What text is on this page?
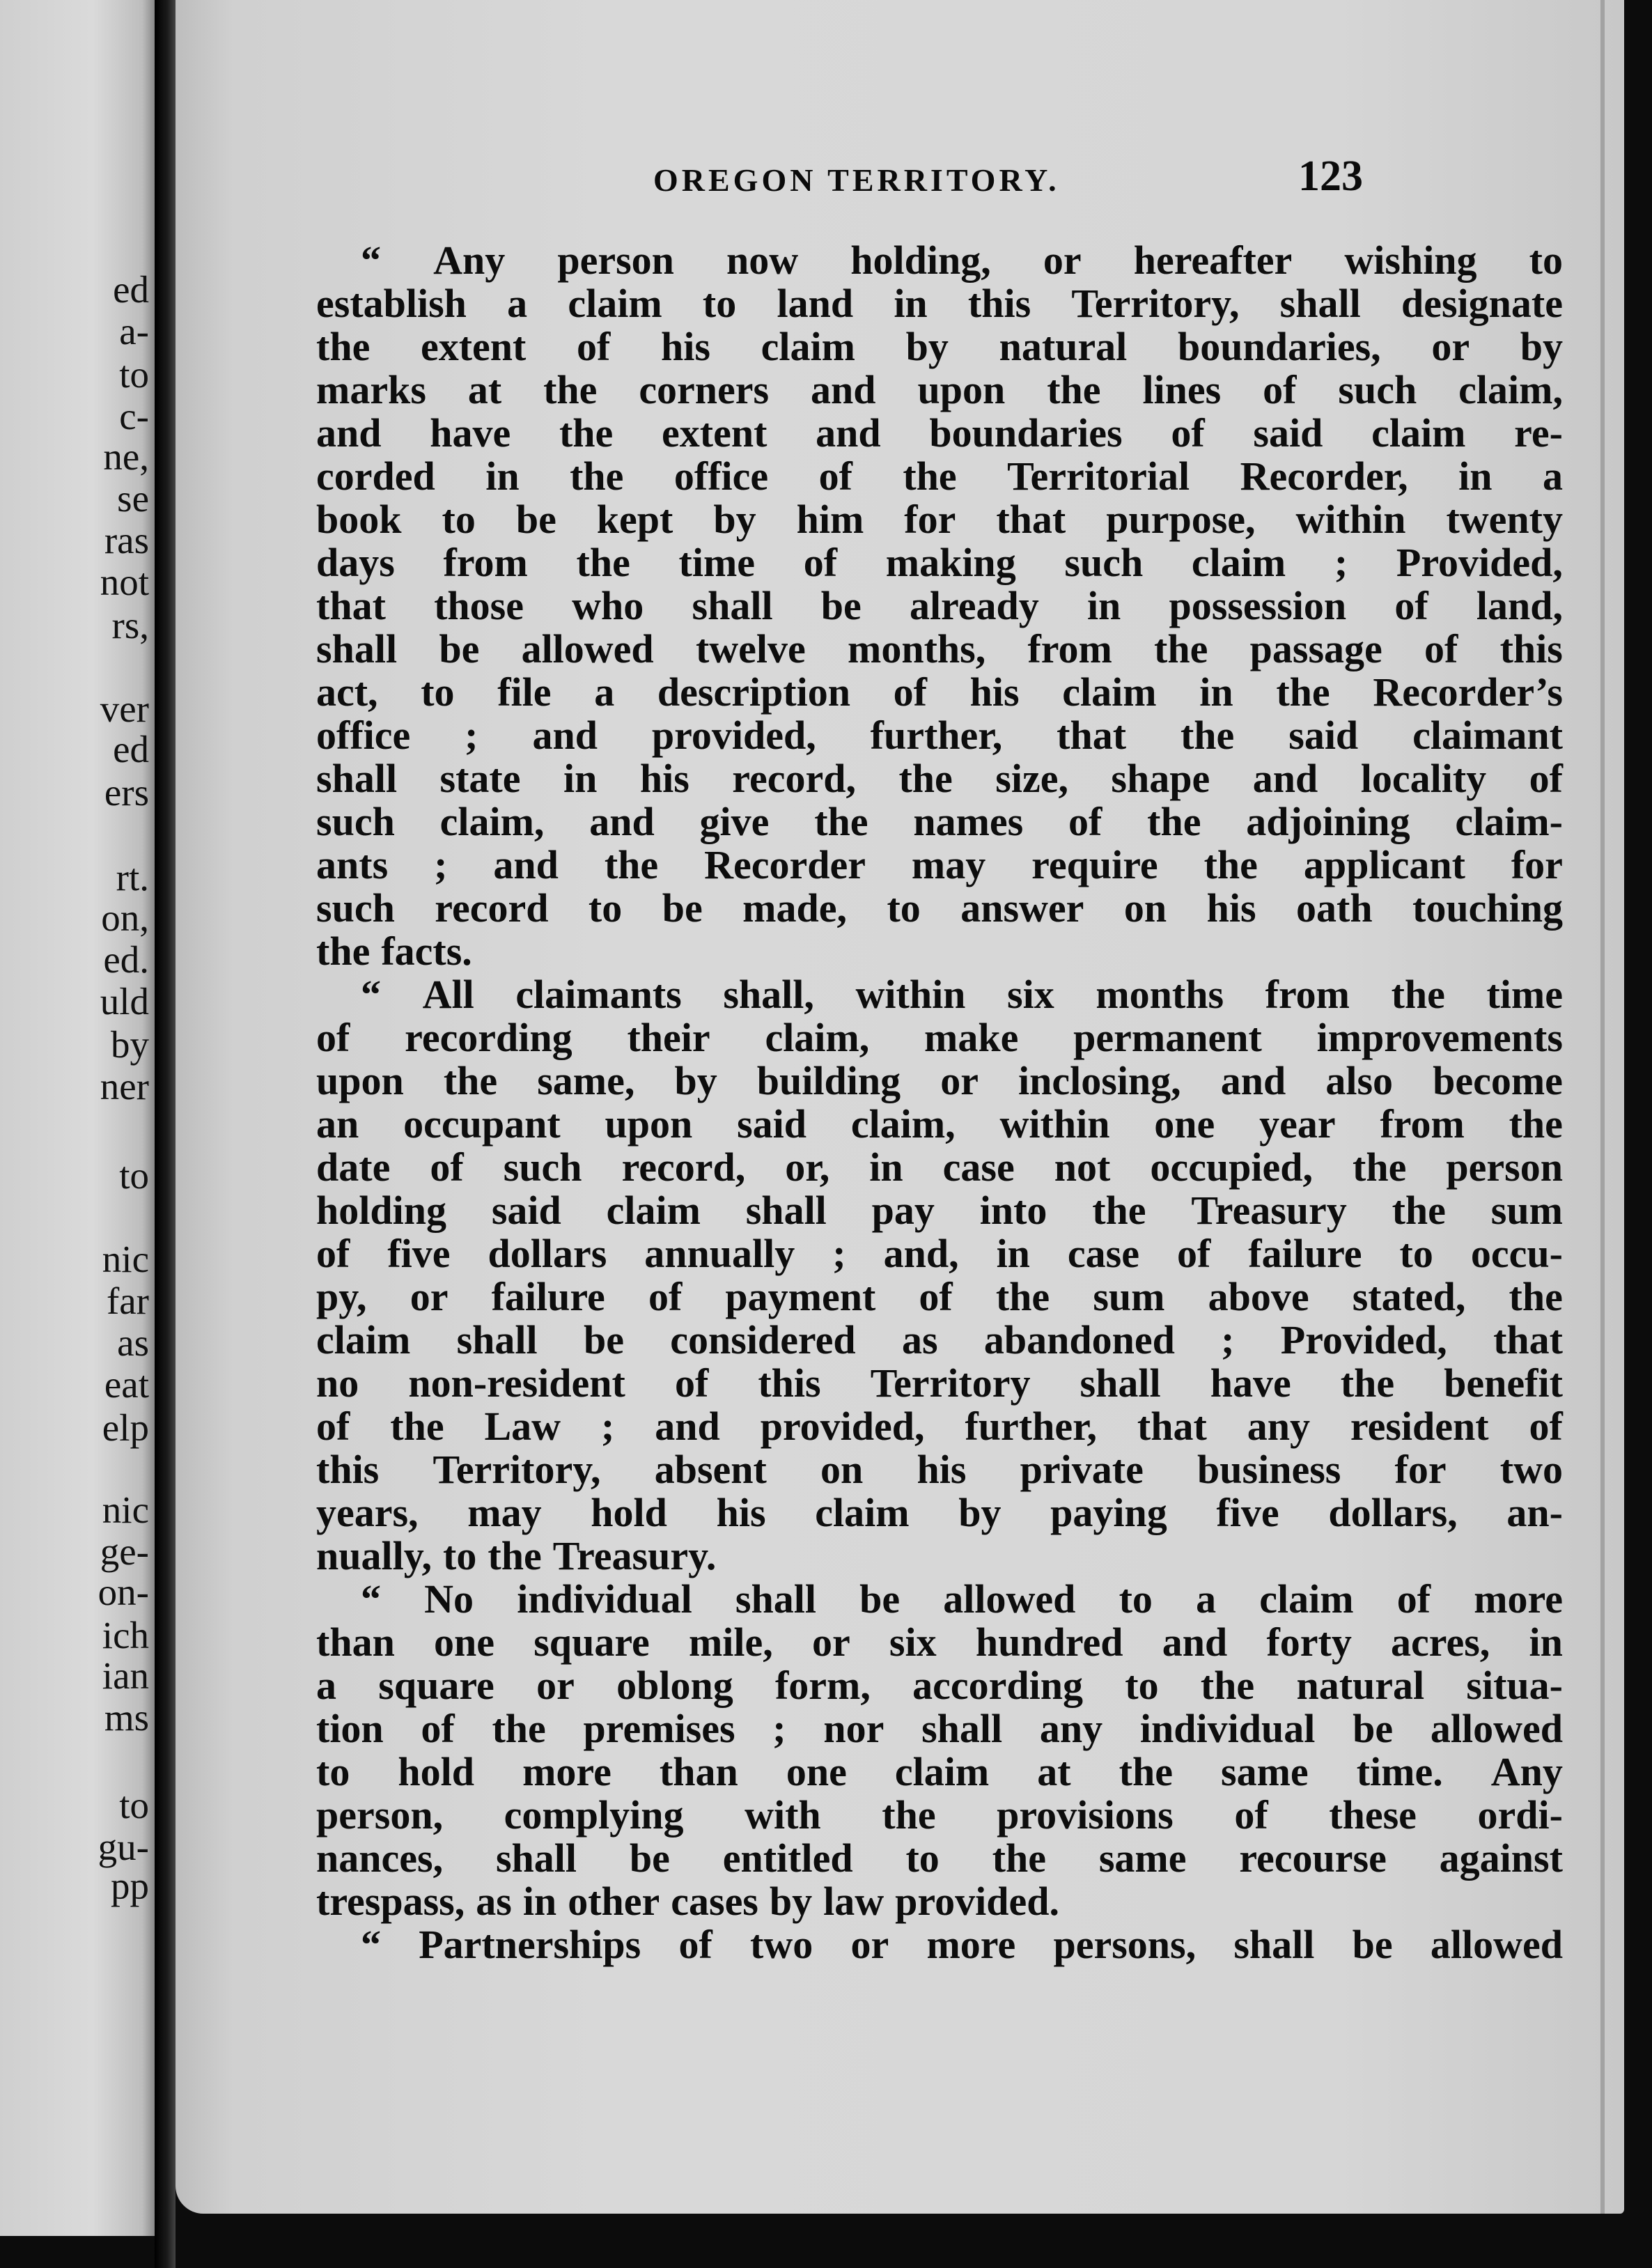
ed
a-
to
c-
ne,
se
ras
not
rs,
ver
ed
ers
rt.
on,
ed.
uld
by
ner
to
nic
far
as
eat
elp
nic
ge-
on-
ich
ian
ms
to
gu-
pp
OREGON TERRITORY.	123
“ Any person now holding, or hereafter wishing to
establish a claim to land in this Territory, shall designate
the extent of his claim by natural boundaries, or by
marks at the corners and upon the lines of such claim,
and have the extent and boundaries of said claim re-
corded in the office of the Territorial Recorder, in a
book to be kept by him for that purpose, within twenty
days from the time of making such claim ; Provided,
that those who shall be already in possession of land,
shall be allowed twelve months, from the passage of this
act, to file a description of his claim in the Recorder’s
office ; and provided, further, that the said claimant
shall state in his record, the size, shape and locality of
such claim, and give the names of the adjoining claim-
ants ; and the Recorder may require the applicant for
such record to be made, to answer on his oath touching
the facts.
“ All claimants shall, within six months from the time
of recording their claim, make permanent improvements
upon the same, by building or inclosing, and also become
an occupant upon said claim, within one year from the
date of such record, or, in case not occupied, the person
holding said claim shall pay into the Treasury the sum
of five dollars annually ; and, in case of failure to occu-
py, or failure of payment of the sum above stated, the
claim shall be considered as abandoned ; Provided, that
no non-resident of this Territory shall have the benefit
of the Law ; and provided, further, that any resident of
this Territory, absent on his private business for two
years, may hold his claim by paying five dollars, an-
nually, to the Treasury.
“ No individual shall be allowed to a claim of more
than one square mile, or six hundred and forty acres, in
a square or oblong form, according to the natural situa-
tion of the premises ; nor shall any individual be allowed
to hold more than one claim at the same time. Any
person, complying with the provisions of these ordi-
nances, shall be entitled to the same recourse against
trespass, as in other cases by law provided.
“ Partnerships of two or more persons, shall be allowed
